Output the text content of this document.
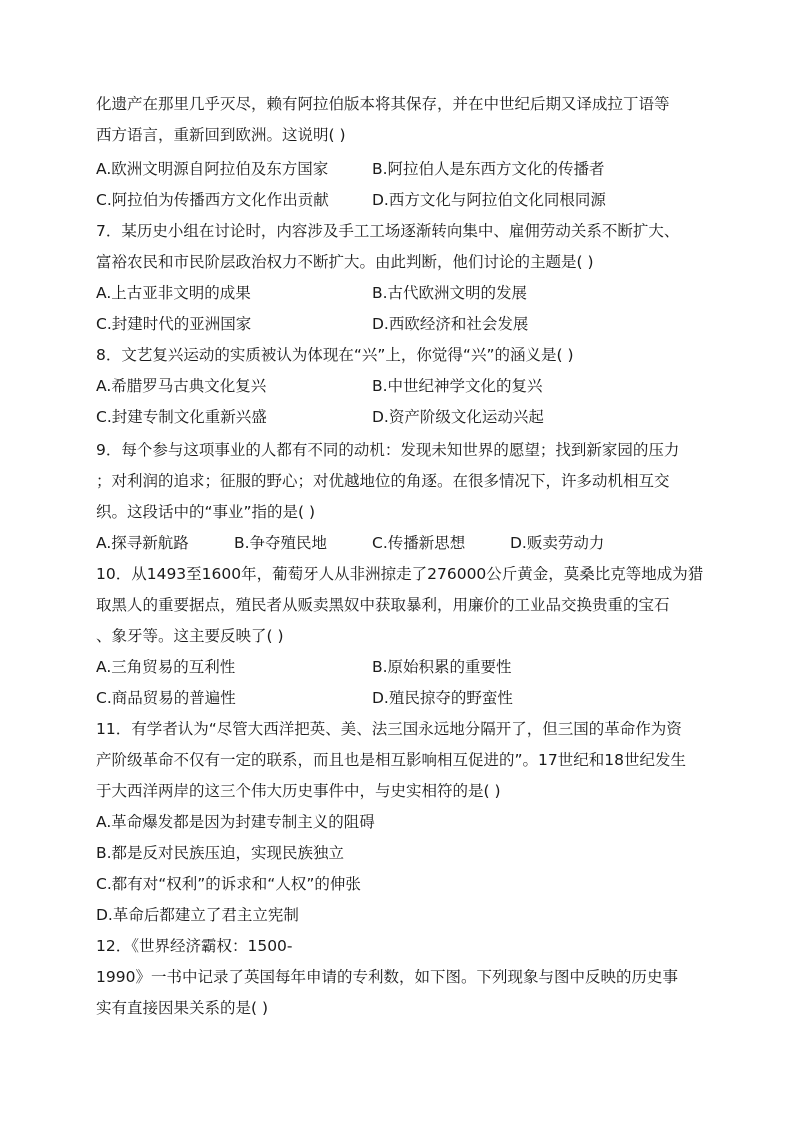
化遗产在那里几乎灭尽，赖有阿拉伯版本将其保存，并在中世纪后期又译成拉丁语等
西方语言，重新回到欧洲。这说明( )
A.欧洲文明源自阿拉伯及东方国家	B.阿拉伯人是东西方文化的传播者
C.阿拉伯为传播西方文化作出贡献	D.西方文化与阿拉伯文化同根同源
7．某历史小组在讨论时，内容涉及手工工场逐渐转向集中、雇佣劳动关系不断扩大、
富裕农民和市民阶层政治权力不断扩大。由此判断，他们讨论的主题是( )
A.上古亚非文明的成果	B.古代欧洲文明的发展
C.封建时代的亚洲国家	D.西欧经济和社会发展
8．文艺复兴运动的实质被认为体现在“兴”上，你觉得“兴”的涵义是( )
A.希腊罗马古典文化复兴	B.中世纪神学文化的复兴
C.封建专制文化重新兴盛	D.资产阶级文化运动兴起
9．每个参与这项事业的人都有不同的动机：发现未知世界的愿望；找到新家园的压力
；对利润的追求；征服的野心；对优越地位的角逐。在很多情况下，许多动机相互交
织。这段话中的“事业”指的是( )
A.探寻新航路	B.争夺殖民地	C.传播新思想	D.贩卖劳动力
10．从1493至1600年，葡萄牙人从非洲掠走了276000公斤黄金，莫桑比克等地成为猎
取黑人的重要据点，殖民者从贩卖黑奴中获取暴利，用廉价的工业品交换贵重的宝石
、象牙等。这主要反映了( )
A.三角贸易的互利性	B.原始积累的重要性
C.商品贸易的普遍性	D.殖民掠夺的野蛮性
11．有学者认为“尽管大西洋把英、美、法三国永远地分隔开了，但三国的革命作为资
产阶级革命不仅有一定的联系，而且也是相互影响相互促进的”。17世纪和18世纪发生
于大西洋两岸的这三个伟大历史事件中，与史实相符的是( )
A.革命爆发都是因为封建专制主义的阻碍
B.都是反对民族压迫，实现民族独立
C.都有对“权利”的诉求和“人权”的伸张
D.革命后都建立了君主立宪制
12．《世界经济霸权：1500-
1990》一书中记录了英国每年申请的专利数，如下图。下列现象与图中反映的历史事
实有直接因果关系的是( )
